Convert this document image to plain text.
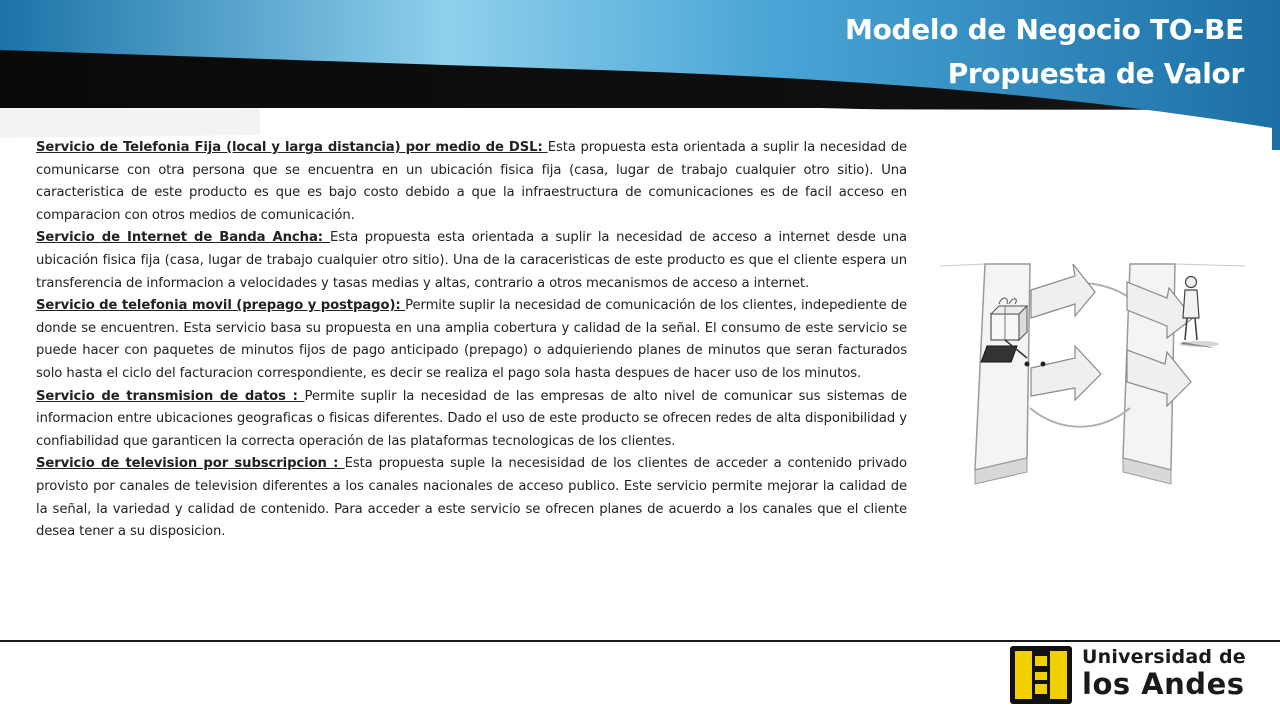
Modelo de Negocio TO-BE
Propuesta de Valor

Servicio de Telefonia Fija (local y larga distancia) por medio de DSL: Esta propuesta esta orientada a suplir la necesidad de comunicarse con otra persona que se encuentra en un ubicación fisica fija (casa, lugar de trabajo cualquier otro sitio). Una caracteristica de este producto es que es bajo costo debido a que la infraestructura de comunicaciones es de facil acceso en comparacion con otros medios de comunicación.

Servicio de Internet de Banda Ancha: Esta propuesta esta orientada a suplir la necesidad de acceso a internet desde una ubicación fisica fija (casa, lugar de trabajo cualquier otro sitio). Una de la caraceristicas de este producto es que el cliente espera un transferencia de informacion a velocidades y tasas medias y altas, contrario a otros mecanismos de acceso a internet.

Servicio de telefonia movil (prepago y postpago): Permite suplir la necesidad de comunicación de los clientes, indepediente de donde se encuentren. Esta servicio basa su propuesta en una amplia cobertura y calidad de la señal. El consumo de este servicio se puede hacer con paquetes de minutos fijos de pago anticipado (prepago) o adquieriendo planes de minutos que seran facturados solo hasta el ciclo del facturacion correspondiente, es decir se realiza el pago sola hasta despues de hacer uso de los minutos.

Servicio de transmision de datos : Permite suplir la necesidad de las empresas de alto nivel de comunicar sus sistemas de informacion entre ubicaciones geograficas o fisicas diferentes. Dado el uso de este producto se ofrecen redes de alta disponibilidad y confiabilidad que garanticen la correcta operación de las plataformas tecnologicas de los clientes.

Servicio de television por subscripcion : Esta propuesta suple la necesisidad de los clientes de acceder a contenido privado provisto por canales de television diferentes a los canales nacionales de acceso publico. Este servicio permite mejorar la calidad de la señal, la variedad y calidad de contenido. Para acceder a este servicio se ofrecen planes de acuerdo a los canales que el cliente desea tener a su disposicion.

Universidad de
los Andes
